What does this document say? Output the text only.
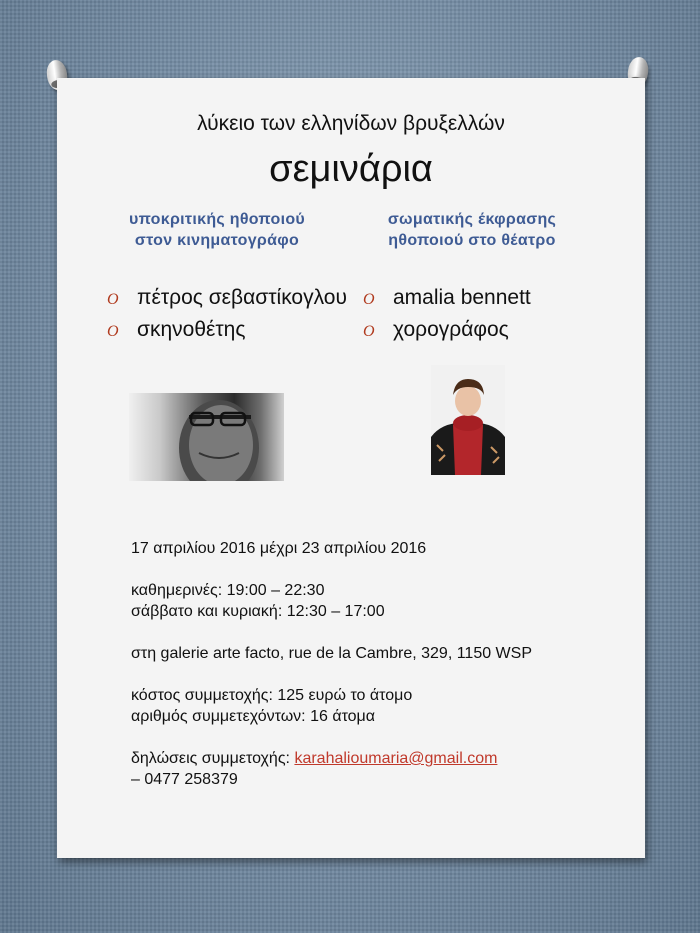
λύκειο των ελληνίδων βρυξελλών
σεμινάρια
υποκριτικής ηθοποιού
στον κινηματογράφο
σωματικής έκφρασης
ηθοποιού στο θέατρο
O πέτρος σεβαστίκογλου
O σκηνοθέτης
O amalia bennett
O χορογράφος

17 απριλίου 2016 μέχρι 23 απριλίου 2016

καθημερινές: 19:00 – 22:30

σάββατο και κυριακή: 12:30 – 17:00

στη galerie arte facto, rue de la Cambre, 329, 1150 WSP

κόστος συμμετοχής: 125 ευρώ το άτομο

αριθμός συμμετεχόντων: 16 άτομα

δηλώσεις συμμετοχής: karahalioumaria@gmail.com

– 0477 258379
